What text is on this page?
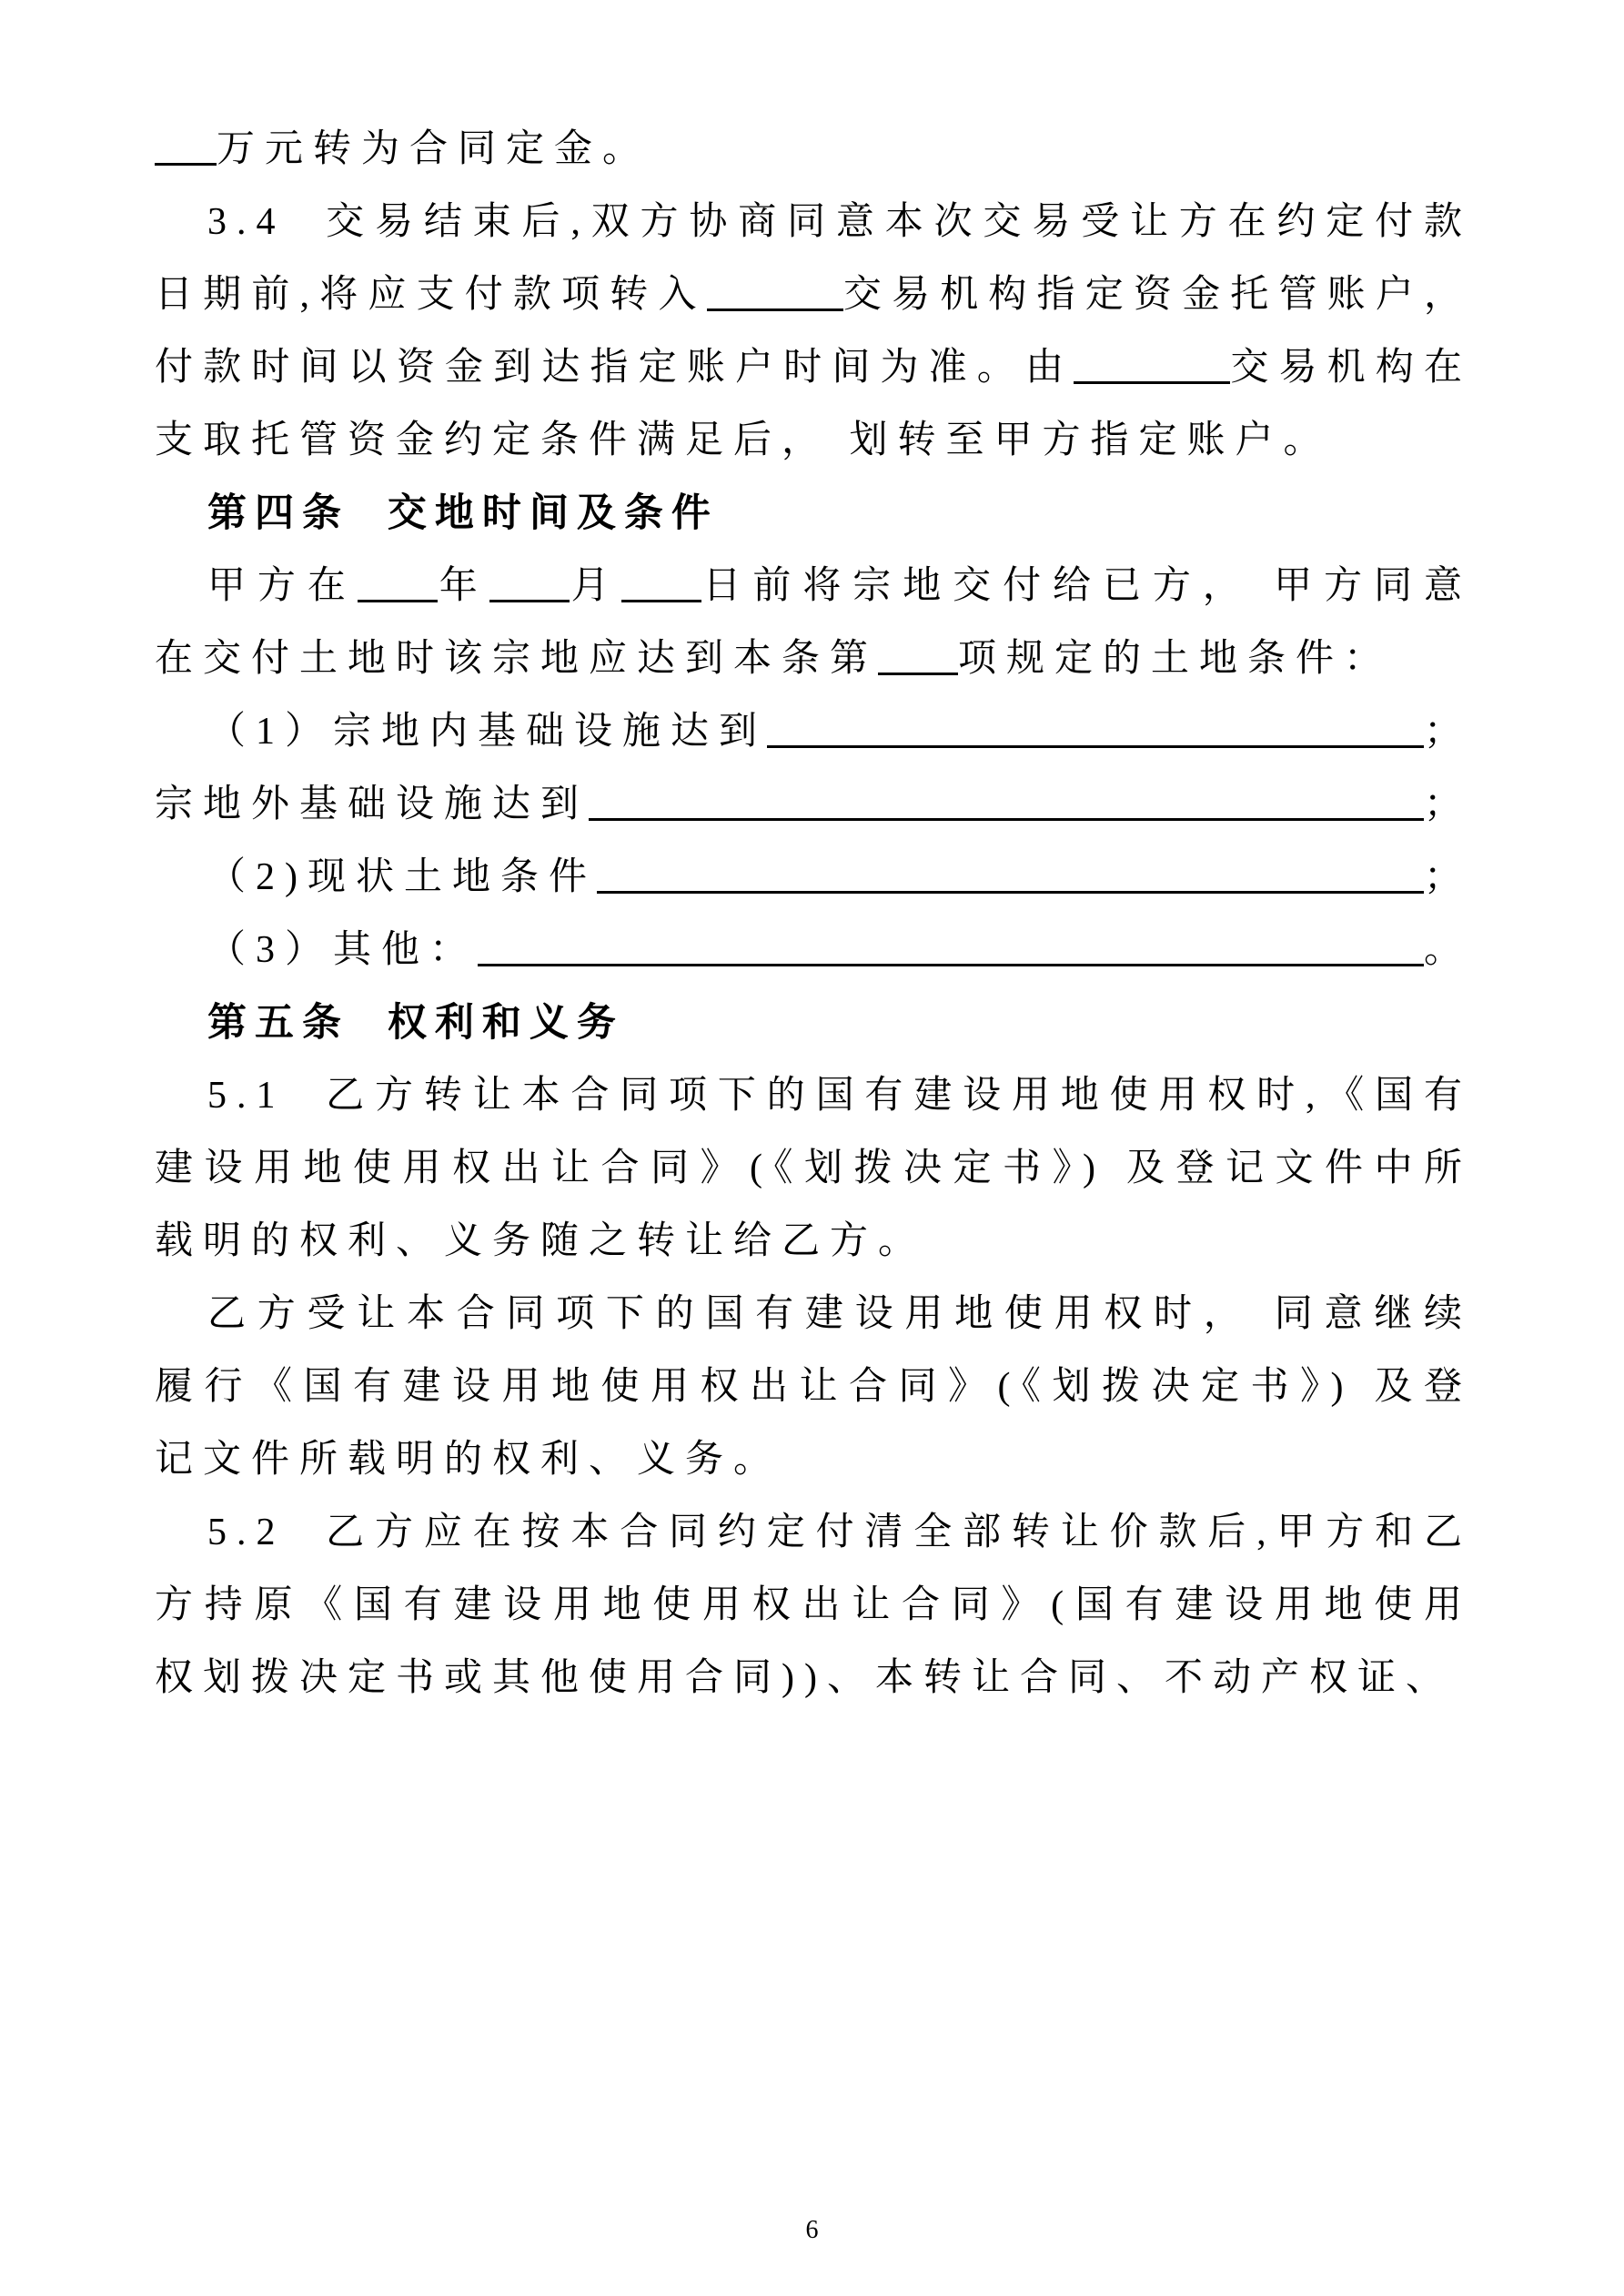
万元转为合同定金。

3.4  交易结束后,双方协商同意本次交易受让方在约定付款日期前,将应支付款项转入	交易机构指定资金托管账户， 付款时间以资金到达指定账户时间为准。由	交易机构在支取托管资金约定条件满足后， 划转至甲方指定账户。

第四条  交地时间及条件

甲方在 年 月 日前将宗地交付给已方， 甲方同意在交付土地时该宗地应达到本条第 项规定的土地条件：

（1）宗地内基础设施达到	；
宗地外基础设施达到	；
（2)现状土地条件	；
（3）其他：	。
第五条  权利和义务

5.1  乙方转让本合同项下的国有建设用地使用权时,《国有建设用地使用权出让合同》(《划拨决定书》) 及登记文件中所载明的权利、义务随之转让给乙方。

乙方受让本合同项下的国有建设用地使用权时， 同意继续履行《国有建设用地使用权出让合同》(《划拨决定书》) 及登记文件所载明的权利、义务。

5.2  乙方应在按本合同约定付清全部转让价款后,甲方和乙方持原《国有建设用地使用权出让合同》(国有建设用地使用权划拨决定书或其他使用合同))、本转让合同、不动产权证、

6
